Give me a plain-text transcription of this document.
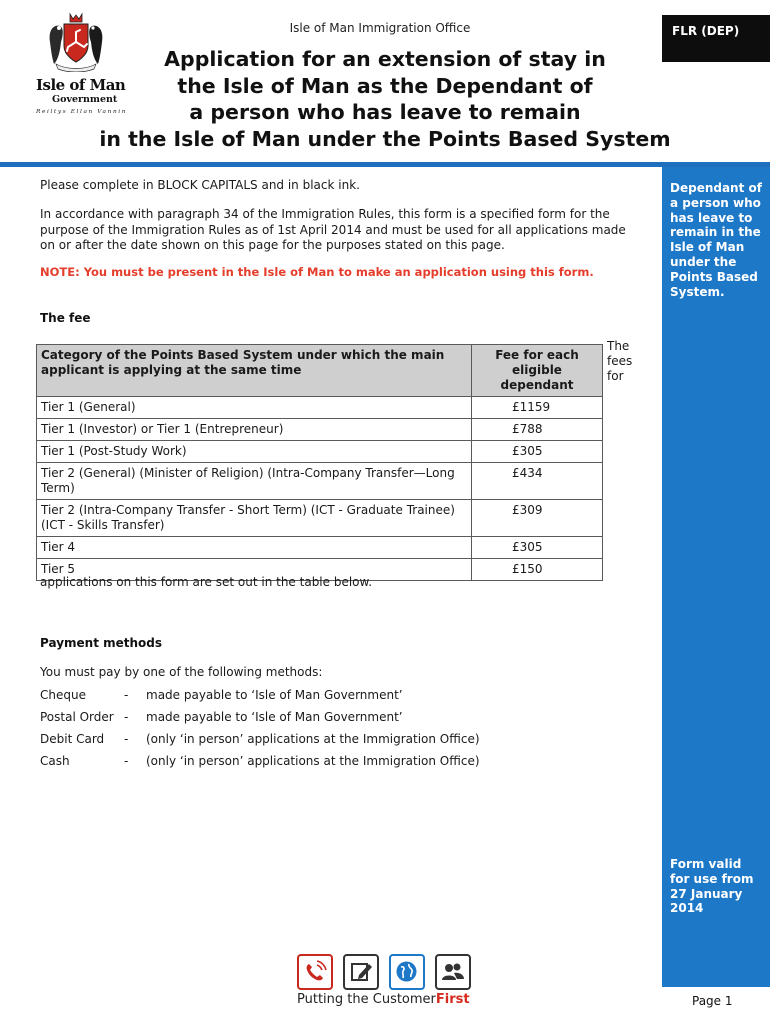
Isle of Man
Government
Reiltys Ellan Vannin
Isle of Man Immigration Office	FLR (DEP)
Application for an extension of stay in
the Isle of Man as the Dependant of
a person who has leave to remain
in the Isle of Man under the Points Based System
Dependant of a person who has leave to remain in the Isle of Man under the Points Based System.
Form valid for use from 27 January 2014
Please complete in BLOCK CAPITALS and in black ink.
In accordance with paragraph 34 of the Immigration Rules, this form is a specified form for the purpose of the Immigration Rules as of 1st April 2014 and must be used for all applications made on or after the date shown on this page for the purposes stated on this page.
NOTE: You must be present in the Isle of Man to make an application using this form.
The fee
The
fees
for
Category of the Points Based System under which the main applicant is applying at the same time	Fee for each eligible dependant
Tier 1 (General)	£1159
Tier 1 (Investor) or Tier 1 (Entrepreneur)	£788
Tier 1 (Post-Study Work)	£305
Tier 2 (General) (Minister of Religion) (Intra-Company Transfer—Long Term)	£434
Tier 2 (Intra-Company Transfer - Short Term) (ICT - Graduate Trainee) (ICT - Skills Transfer)	£309
Tier 4	£305
Tier 5	£150
applications on this form are set out in the table below.
Payment methods
You must pay by one of the following methods:
Cheque	- made payable to ‘Isle of Man Government’
Postal Order - made payable to ‘Isle of Man Government’
Debit Card - (only ‘in person’ applications at the Immigration Office)
Cash	- (only ‘in person’ applications at the Immigration Office)
Putting the CustomerFirst	Page 1
